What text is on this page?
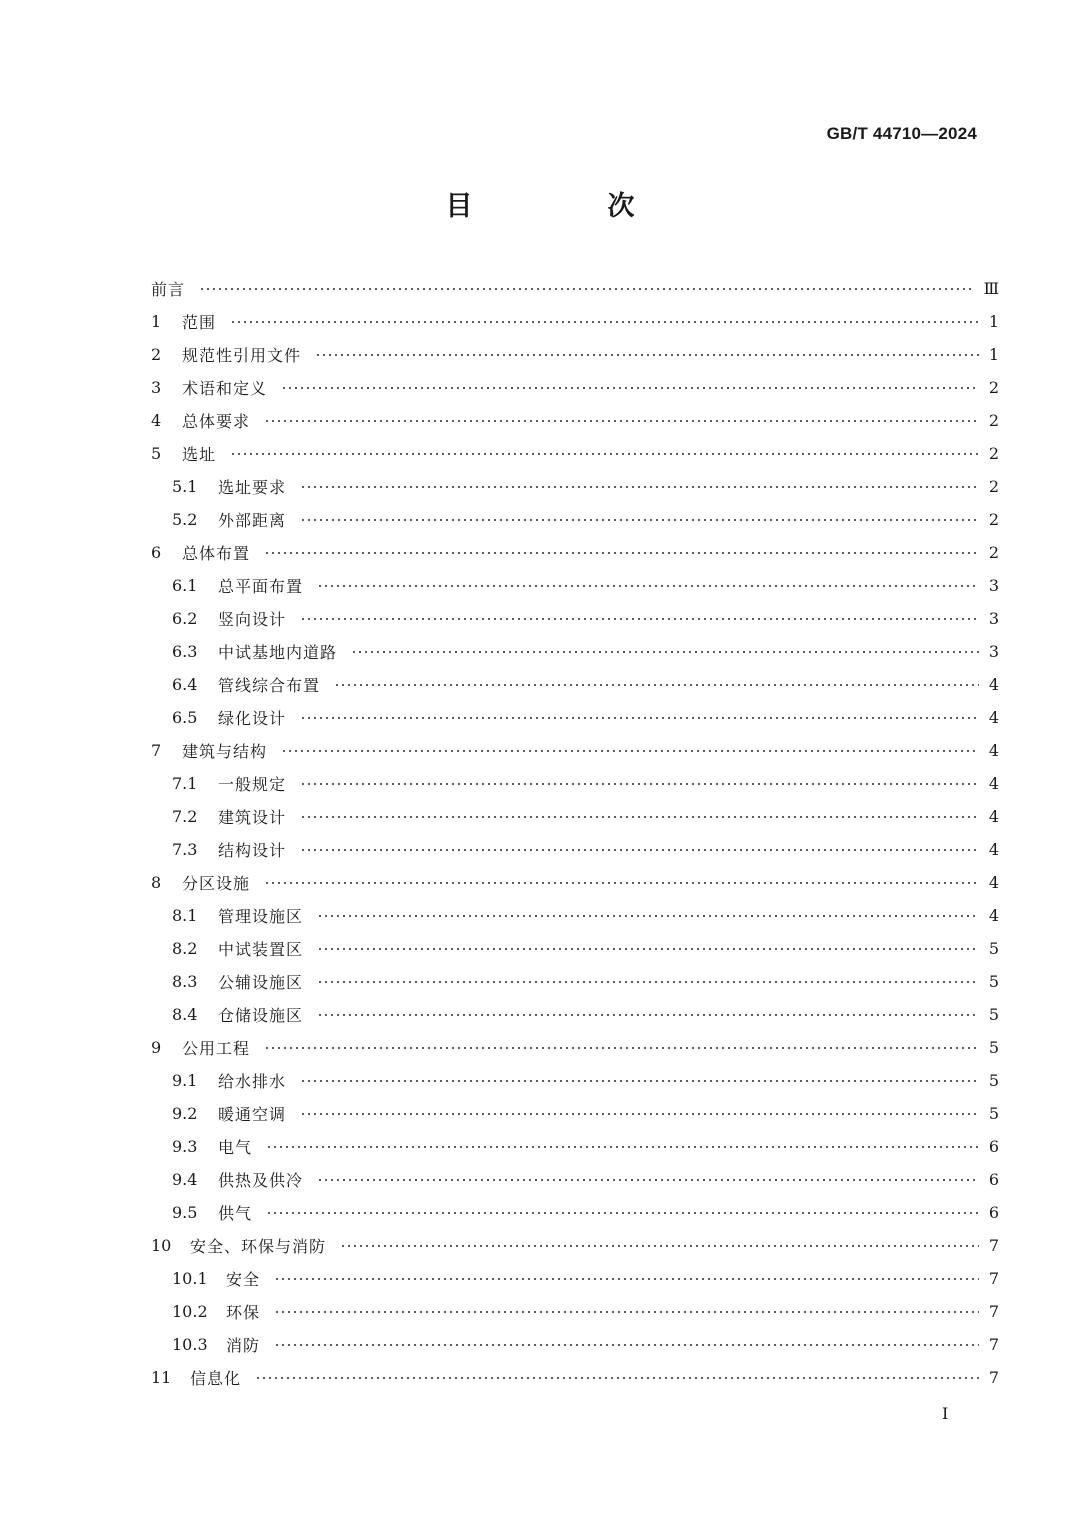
GB/T 44710—2024
目　次
前言	Ⅲ
1	范围	1
2	规范性引用文件	1
3	术语和定义	2
4	总体要求	2
5	选址	2
5.1	选址要求	2
5.2	外部距离	2
6	总体布置	2
6.1	总平面布置	3
6.2	竖向设计	3
6.3	中试基地内道路	3
6.4	管线综合布置	4
6.5	绿化设计	4
7	建筑与结构	4
7.1	一般规定	4
7.2	建筑设计	4
7.3	结构设计	4
8	分区设施	4
8.1	管理设施区	4
8.2	中试装置区	5
8.3	公辅设施区	5
8.4	仓储设施区	5
9	公用工程	5
9.1	给水排水	5
9.2	暖通空调	5
9.3	电气	6
9.4	供热及供冷	6
9.5	供气	6
10	安全、环保与消防	7
10.1	安全	7
10.2	环保	7
10.3	消防	7
11	信息化	7
Ⅰ
